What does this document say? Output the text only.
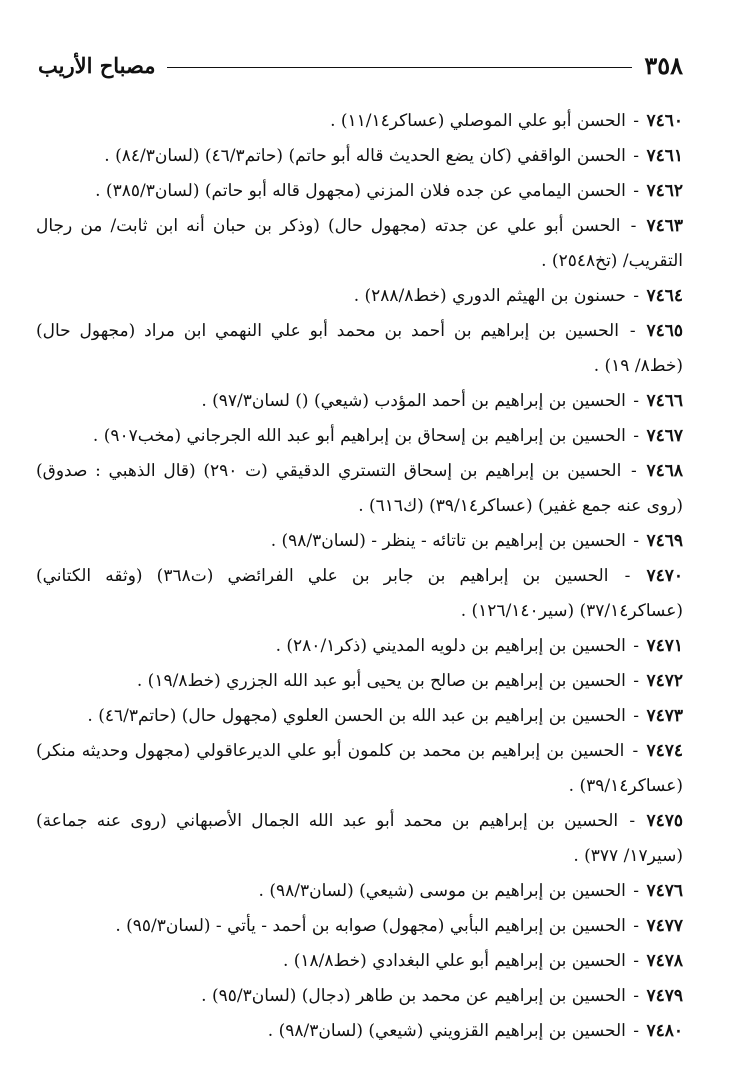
٣٥٨
مصباح الأريب

٧٤٦٠ - الحسن أبو علي الموصلي (عساكر١١/١٤) .

٧٤٦١ - الحسن الواقفي (كان يضع الحديث قاله أبو حاتم) (حاتم٤٦/٣) (لسان٨٤/٣) .

٧٤٦٢ - الحسن اليمامي عن جده فلان المزني (مجهول قاله أبو حاتم) (لسان٣٨٥/٣) .

٧٤٦٣ - الحسن أبو علي عن جدته (مجهول حال) (وذكر بن حبان أنه ابن ثابت/ من رجال التقريب/ (تخ٢٥٤٨) .

٧٤٦٤ - حسنون بن الهيثم الدوري (خط٢٨٨/٨) .

٧٤٦٥ - الحسين بن إبراهيم بن أحمد بن محمد أبو علي النهمي ابن مراد (مجهول حال) (خط٨/ ١٩) .

٧٤٦٦ - الحسين بن إبراهيم بن أحمد المؤدب (شيعي) () لسان٩٧/٣) .

٧٤٦٧ - الحسين بن إبراهيم بن إسحاق بن إبراهيم أبو عبد الله الجرجاني (مخب٩٠٧) .

٧٤٦٨ - الحسين بن إبراهيم بن إسحاق التستري الدقيقي (ت ٢٩٠) (قال الذهبي : صدوق) (روى عنه جمع غفير) (عساكر٣٩/١٤) (ك٦١٦) .

٧٤٦٩ - الحسين بن إبراهيم بن تاتائه - ينظر - (لسان٩٨/٣) .

٧٤٧٠ - الحسين بن إبراهيم بن جابر بن علي الفرائضي (ت٣٦٨) (وثقه الكتاني) (عساكر٣٧/١٤) (سير١٢٦/١٤٠) .

٧٤٧١ - الحسين بن إبراهيم بن دلويه المديني (ذكر٢٨٠/١) .

٧٤٧٢ - الحسين بن إبراهيم بن صالح بن يحيى أبو عبد الله الجزري (خط١٩/٨) .

٧٤٧٣ - الحسين بن إبراهيم بن عبد الله بن الحسن العلوي (مجهول حال) (حاتم٤٦/٣) .

٧٤٧٤ - الحسين بن إبراهيم بن محمد بن كلمون أبو علي الديرعاقولي (مجهول وحديثه منكر) (عساكر٣٩/١٤) .

٧٤٧٥ - الحسين بن إبراهيم بن محمد أبو عبد الله الجمال الأصبهاني (روى عنه جماعة) (سير١٧/ ٣٧٧) .

٧٤٧٦ - الحسين بن إبراهيم بن موسى (شيعي) (لسان٩٨/٣) .

٧٤٧٧ - الحسين بن إبراهيم البأبي (مجهول) صوابه بن أحمد - يأتي - (لسان٩٥/٣) .

٧٤٧٨ - الحسين بن إبراهيم أبو علي البغدادي (خط١٨/٨) .

٧٤٧٩ - الحسين بن إبراهيم عن محمد بن طاهر (دجال) (لسان٩٥/٣) .

٧٤٨٠ - الحسين بن إبراهيم القزويني (شيعي) (لسان٩٨/٣) .
